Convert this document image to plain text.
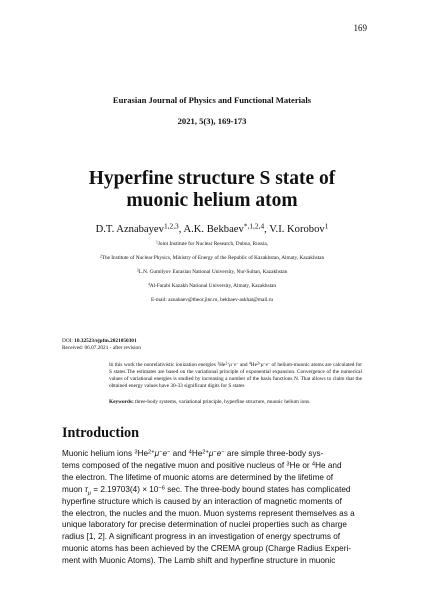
169
Eurasian Journal of Physics and Functional Materials
2021, 5(3), 169-173
Hyperfine structure S state of
muonic helium atom
D.T. Aznabayev$^{1,2,3}$, A.K. Bekbaev$^{*,1,2,4}$, V.I. Korobov$^1$
$^1$Joint Institute for Nuclear Research, Dubna, Russia,
$^2$The Institute of Nuclear Physics, Ministry of Energy of the Republic of Kazakhstan, Almaty, Kazakhstan
$^3$L.N. Gumilyov Eurasian National University, Nur-Sultan, Kazakhstan
$^4$Al-Farabi Kazakh National University, Almaty, Kazakhstan
E-mail: aznabaev@theor.jinr.ru, bekbaev-askhat@mail.ru
DOI: 10.32523/ejpfm.2021050301
Received: 06.07.2021 - after revision
In this work the nonrelativistic ionization energies $^3He^{2+}\mu^-e^-$ and $^4He^{2+}\mu^-e^-$ of helium-muonic atoms are calculated for S states.The estimates are based on the variational principle of exponential expansion. Convergence of the numerical values of variational energies is studied by increasing a number of the basis functions N. That allows to claim that the obtained energy values have 30-33 significant digits for S states
Keywords: three-body systems, variational principle, hyperfine structure, muonic helium ions.
Introduction
Muonic helium ions $^3He^{2+}\mu^-e^-$ and $^4He^{2+}\mu^-e^-$ are simple three-body sys-
tems composed of the negative muon and positive nucleus of $^3$He or $^4$He and
the electron. The lifetime of muonic atoms are determined by the lifetime of
muon $\tau_\mu = 2.19703(4) \times 10^{-6}$ sec. The three-body bound states has complicated
hyperfine structure which is caused by an interaction of magnetic moments of
the electron, the nucles and the muon. Muon systems represent themselves as a
unique laboratory for precise determination of nuclei properties such as charge
radius [1, 2]. A significant progress in an investigation of energy spectrums of
muonic atoms has been achieved by the CREMA group (Charge Radius Experi-
ment with Muonic Atoms). The Lamb shift and hyperfine structure in muonic
